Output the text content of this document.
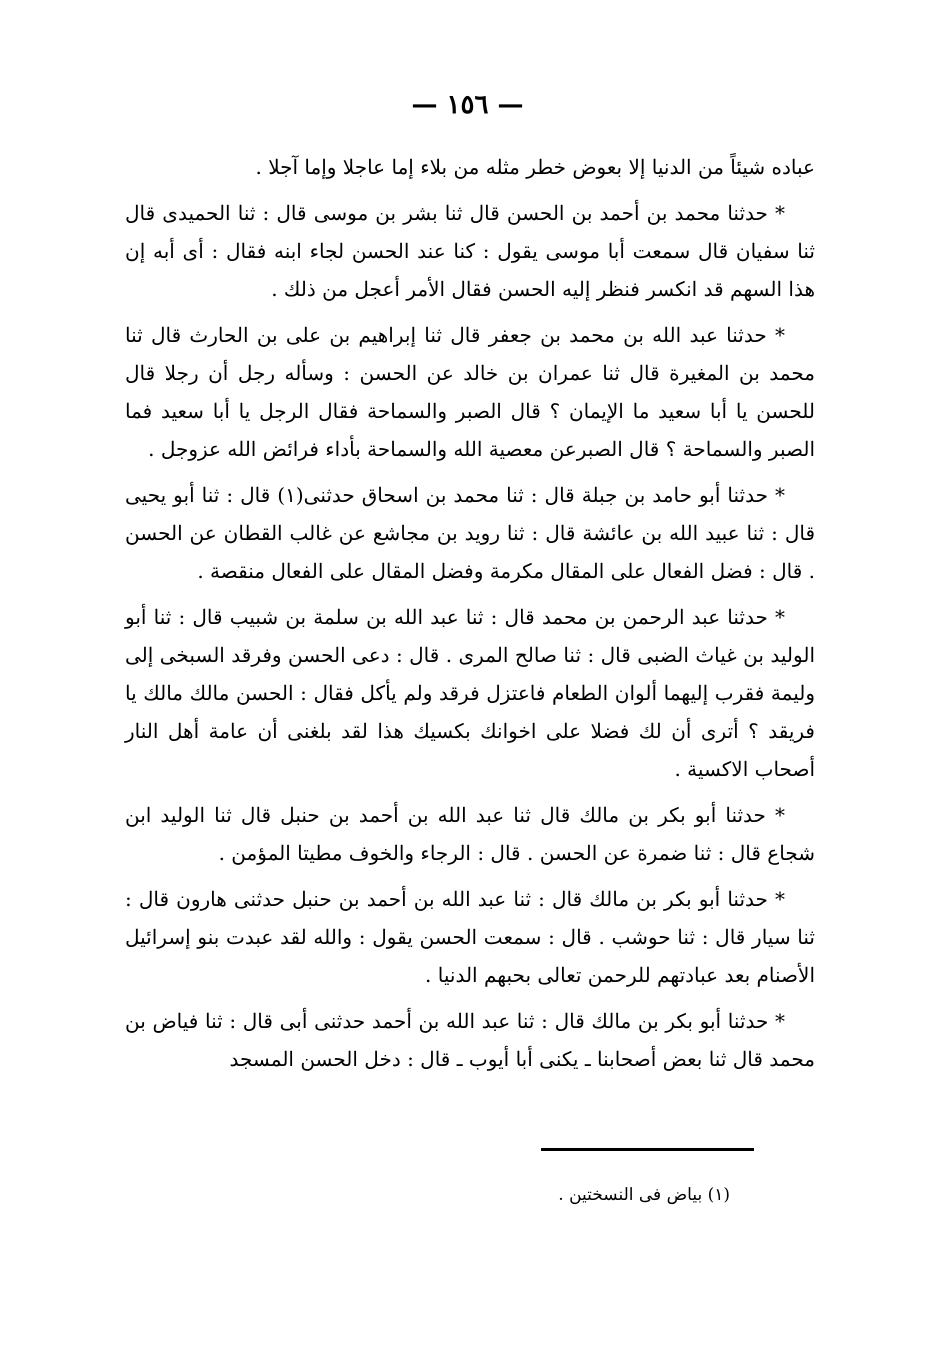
— ١٥٦ —

عباده شيئاً من الدنيا إلا بعوض خطر مثله من بلاء إما عاجلا وإما آجلا .

* حدثنا محمد بن أحمد بن الحسن قال ثنا بشر بن موسى قال : ثنا الحميدى قال ثنا سفيان قال سمعت أبا موسى يقول : كنا عند الحسن لجاء ابنه فقال : أى أبه إن هذا السهم قد انكسر فنظر إليه الحسن فقال الأمر أعجل من ذلك .

* حدثنا عبد الله بن محمد بن جعفر قال ثنا إبراهيم بن على بن الحارث قال ثنا محمد بن المغيرة قال ثنا عمران بن خالد عن الحسن : وسأله رجل أن رجلا قال للحسن يا أبا سعيد ما الإيمان ؟ قال الصبر والسماحة فقال الرجل يا أبا سعيد فما الصبر والسماحة ؟ قال الصبرعن معصية الله والسماحة بأداء فرائض الله عزوجل .

* حدثنا أبو حامد بن جبلة قال : ثنا محمد بن اسحاق حدثنى(١) قال : ثنا أبو يحيى قال : ثنا عبيد الله بن عائشة قال : ثنا رويد بن مجاشع عن غالب القطان عن الحسن . قال : فضل الفعال على المقال مكرمة وفضل المقال على الفعال منقصة .

* حدثنا عبد الرحمن بن محمد قال : ثنا عبد الله بن سلمة بن شبيب قال : ثنا أبو الوليد بن غياث الضبى قال : ثنا صالح المرى . قال : دعى الحسن وفرقد السبخى إلى وليمة فقرب إليهما ألوان الطعام فاعتزل فرقد ولم يأكل فقال : الحسن مالك مالك يا فريقد ؟ أترى أن لك فضلا على اخوانك بكسيك هذا لقد بلغنى أن عامة أهل النار أصحاب الاكسية .

* حدثنا أبو بكر بن مالك قال ثنا عبد الله بن أحمد بن حنبل قال ثنا الوليد ابن شجاع قال : ثنا ضمرة عن الحسن . قال : الرجاء والخوف مطيتا المؤمن .

* حدثنا أبو بكر بن مالك قال : ثنا عبد الله بن أحمد بن حنبل حدثنى هارون قال : ثنا سيار قال : ثنا حوشب . قال : سمعت الحسن يقول : والله لقد عبدت بنو إسرائيل الأصنام بعد عبادتهم للرحمن تعالى بحبهم الدنيا .

* حدثنا أبو بكر بن مالك قال : ثنا عبد الله بن أحمد حدثنى أبى قال : ثنا فياض بن محمد قال ثنا بعض أصحابنا ـ يكنى أبا أيوب ـ قال : دخل الحسن المسجد

(١) بياض فى النسختين .
